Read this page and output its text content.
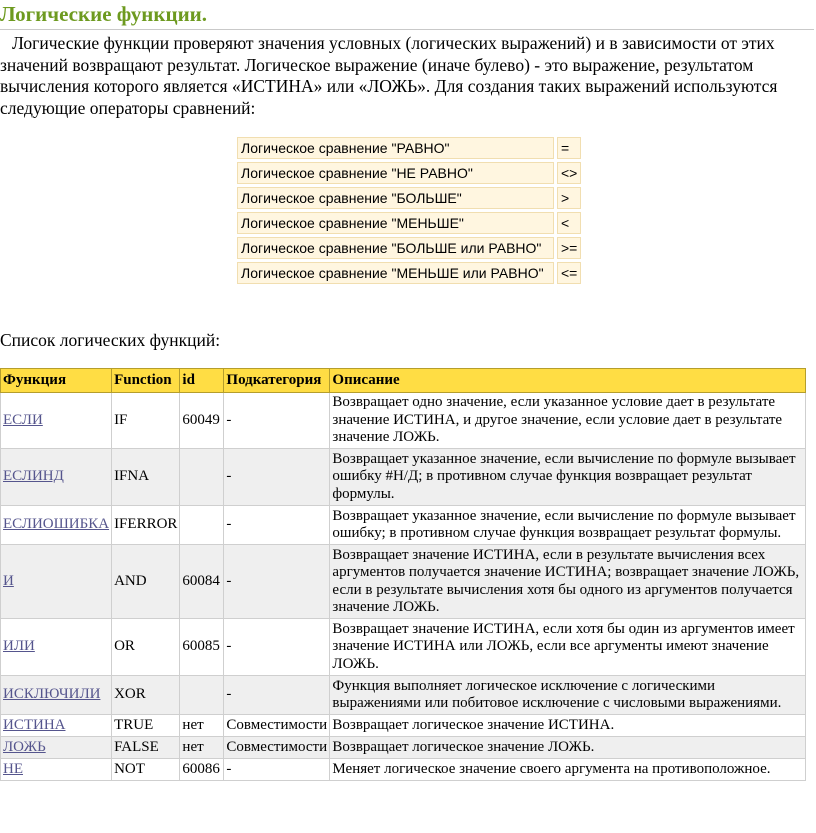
Логические функции.

Логические функции проверяют значения условных (логических выражений) и в зависимости от этих значений возвращают результат. Логическое выражение (иначе булево) - это выражение, результатом вычисления которого является «ИСТИНА» или «ЛОЖЬ». Для создания таких выражений используются следующие операторы сравнений:

Логическое сравнение "РАВНО"	=
Логическое сравнение "НЕ РАВНО"	<>
Логическое сравнение "БОЛЬШЕ"	>
Логическое сравнение "МЕНЬШЕ"	<
Логическое сравнение "БОЛЬШЕ или РАВНО"	>=
Логическое сравнение "МЕНЬШЕ или РАВНО"	<=
Список логических функций:
Функция	Function	id	Подкатегория	Описание
ЕСЛИ	IF	60049	-	Возвращает одно значение, если указанное условие дает в результате значение ИСТИНА, и другое значение, если условие дает в результате значение ЛОЖЬ.
ЕСЛИНД	IFNA		-	Возвращает указанное значение, если вычисление по формуле вызывает ошибку #Н/Д; в противном случае функция возвращает результат формулы.
ЕСЛИОШИБКА	IFERROR		-	Возвращает указанное значение, если вычисление по формуле вызывает ошибку; в противном случае функция возвращает результат формулы.
И	AND	60084	-	Возвращает значение ИСТИНА, если в результате вычисления всех аргументов получается значение ИСТИНА; возвращает значение ЛОЖЬ, если в результате вычисления хотя бы одного из аргументов получается значение ЛОЖЬ.
ИЛИ	OR	60085	-	Возвращает значение ИСТИНА, если хотя бы один из аргументов имеет значение ИСТИНА или ЛОЖЬ, если все аргументы имеют значение ЛОЖЬ.
ИСКЛЮЧИЛИ	XOR		-	Функция выполняет логическое исключение с логическими выражениями или побитовое исключение с числовыми выражениями.
ИСТИНА	TRUE	нет	Совместимости	Возвращает логическое значение ИСТИНА.
ЛОЖЬ	FALSE	нет	Совместимости	Возвращает логическое значение ЛОЖЬ.
НЕ	NOT	60086	-	Меняет логическое значение своего аргумента на противоположное.
